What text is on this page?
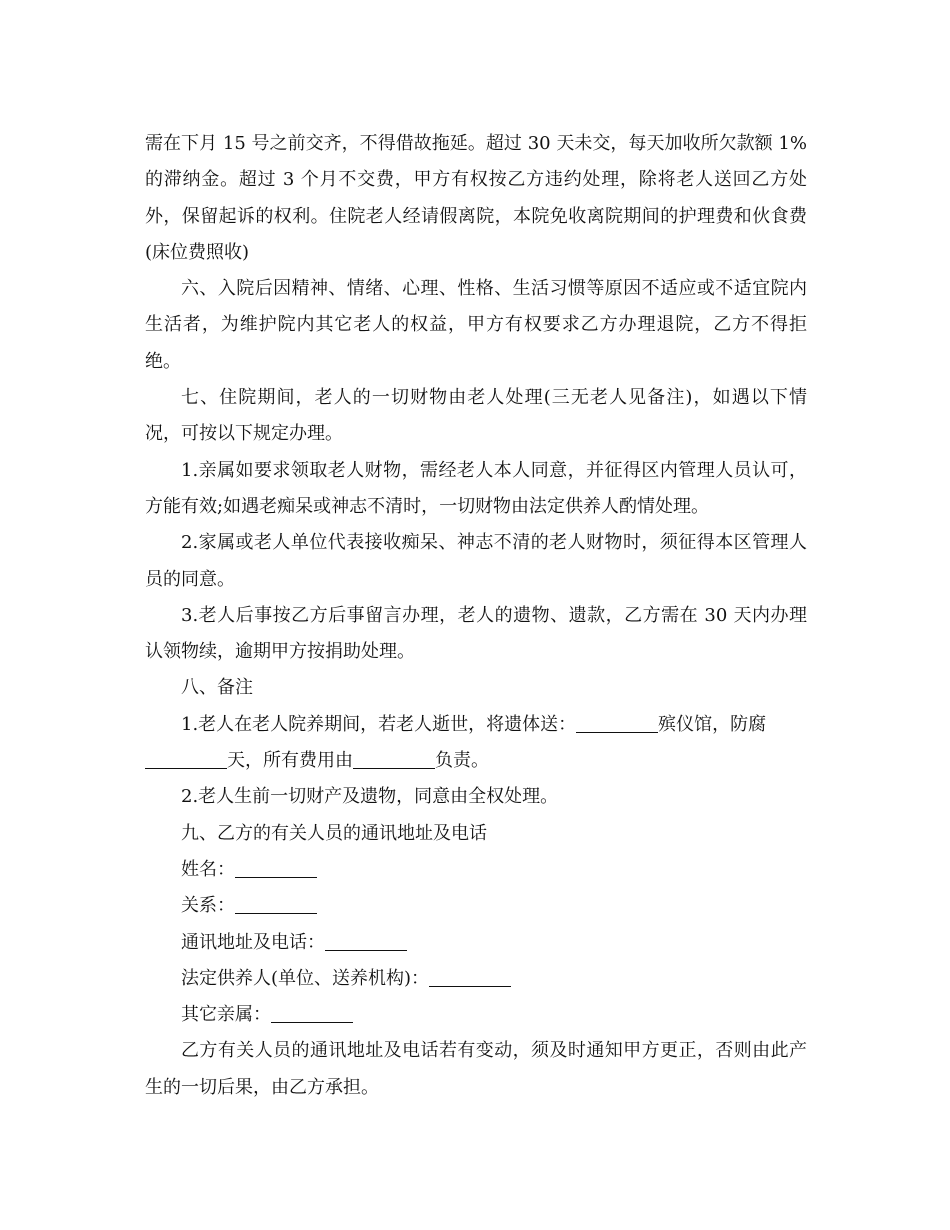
需在下月 15 号之前交齐，不得借故拖延。超过 30 天未交，每天加收所欠款额 1%的滞纳金。超过 3 个月不交费，甲方有权按乙方违约处理，除将老人送回乙方处外，保留起诉的权利。住院老人经请假离院，本院免收离院期间的护理费和伙食费(床位费照收)

六、入院后因精神、情绪、心理、性格、生活习惯等原因不适应或不适宜院内生活者，为维护院内其它老人的权益，甲方有权要求乙方办理退院，乙方不得拒绝。

七、住院期间，老人的一切财物由老人处理(三无老人见备注)，如遇以下情况，可按以下规定办理。

1.亲属如要求领取老人财物，需经老人本人同意，并征得区内管理人员认可，方能有效;如遇老痴呆或神志不清时，一切财物由法定供养人酌情处理。

2.家属或老人单位代表接收痴呆、神志不清的老人财物时，须征得本区管理人员的同意。

3.老人后事按乙方后事留言办理，老人的遗物、遗款，乙方需在 30 天内办理认领物续，逾期甲方按捐助处理。

八、备注

1.老人在老人院养期间，若老人逝世，将遗体送：	殡仪馆，防腐
天，所有费用由	负责。

2.老人生前一切财产及遗物，同意由全权处理。

九、乙方的有关人员的通讯地址及电话

姓名：

关系：

通讯地址及电话：

法定供养人(单位、送养机构)：

其它亲属：

乙方有关人员的通讯地址及电话若有变动，须及时通知甲方更正，否则由此产生的一切后果，由乙方承担。
